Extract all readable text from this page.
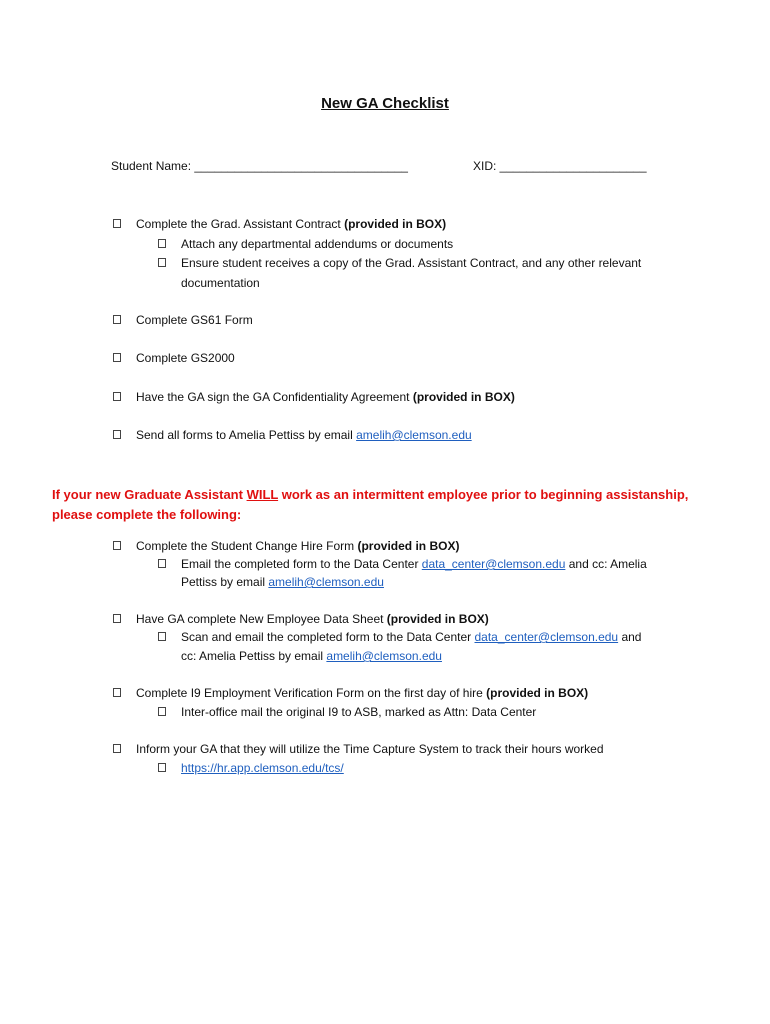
New GA Checklist
Student Name: ________________________________	XID: ______________________
Complete the Grad. Assistant Contract (provided in BOX)
Attach any departmental addendums or documents
Ensure student receives a copy of the Grad. Assistant Contract, and any other relevant
documentation
Complete GS61 Form
Complete GS2000
Have the GA sign the GA Confidentiality Agreement (provided in BOX)
Send all forms to Amelia Pettiss by email amelih@clemson.edu
If your new Graduate Assistant WILL work as an intermittent employee prior to beginning assistanship,
please complete the following:
Complete the Student Change Hire Form (provided in BOX)
Email the completed form to the Data Center data_center@clemson.edu and cc: Amelia
Pettiss by email amelih@clemson.edu
Have GA complete New Employee Data Sheet (provided in BOX)
Scan and email the completed form to the Data Center data_center@clemson.edu and
cc: Amelia Pettiss by email amelih@clemson.edu
Complete I9 Employment Verification Form on the first day of hire (provided in BOX)
Inter-office mail the original I9 to ASB, marked as Attn: Data Center
Inform your GA that they will utilize the Time Capture System to track their hours worked
https://hr.app.clemson.edu/tcs/
